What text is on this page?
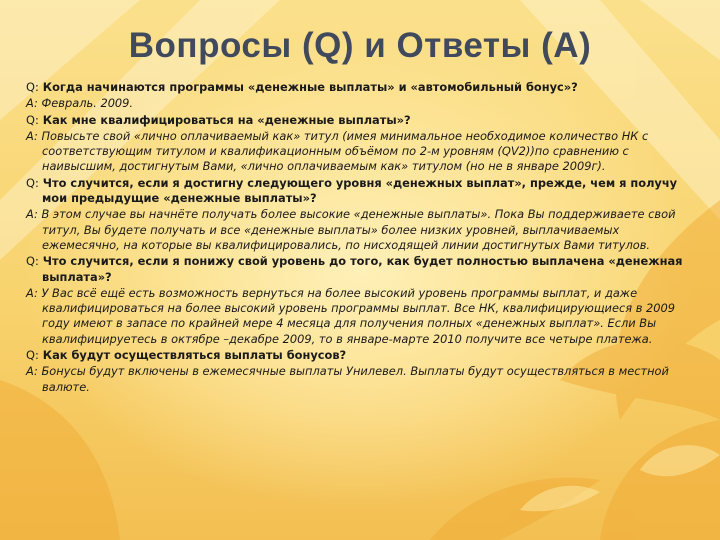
Вопросы (Q) и Ответы (A)

Q: Когда начинаются программы «денежные выплаты» и «автомобильный бонус»?

A: Февраль. 2009.

Q: Как мне квалифицироваться на «денежные выплаты»?

A: Повысьте свой «лично оплачиваемый как» титул (имея минимальное необходимое количество НК с соответствующим титулом и квалификационным объёмом по 2-м уровням (QV2))по сравнению с наивысшим, достигнутым Вами, «лично оплачиваемым как» титулом (но не в январе 2009г).

Q: Что случится, если я достигну следующего уровня «денежных выплат», прежде, чем я получу мои предыдущие «денежные выплаты»?

A: В этом случае вы начнёте получать более высокие «денежные выплаты». Пока Вы поддерживаете свой титул, Вы будете получать и все «денежные выплаты» более низких уровней, выплачиваемых ежемесячно, на которые вы квалифицировались, по нисходящей линии достигнутых Вами титулов.

Q: Что случится, если я понижу свой уровень до того, как будет полностью выплачена «денежная выплата»?

A: У Вас всё ещё есть возможность вернуться на более высокий уровень программы выплат, и даже квалифицироваться на более высокий уровень программы выплат. Все НК, квалифицирующиеся в 2009 году имеют в запасе по крайней мере 4 месяца для получения полных «денежных выплат». Если Вы квалифицируетесь в октябре –декабре 2009, то в январе-марте 2010 получите все четыре платежа.

Q: Как будут осуществляться выплаты бонусов?

A: Бонусы будут включены в ежемесячные выплаты Унилевел. Выплаты будут осуществляться в местной валюте.
